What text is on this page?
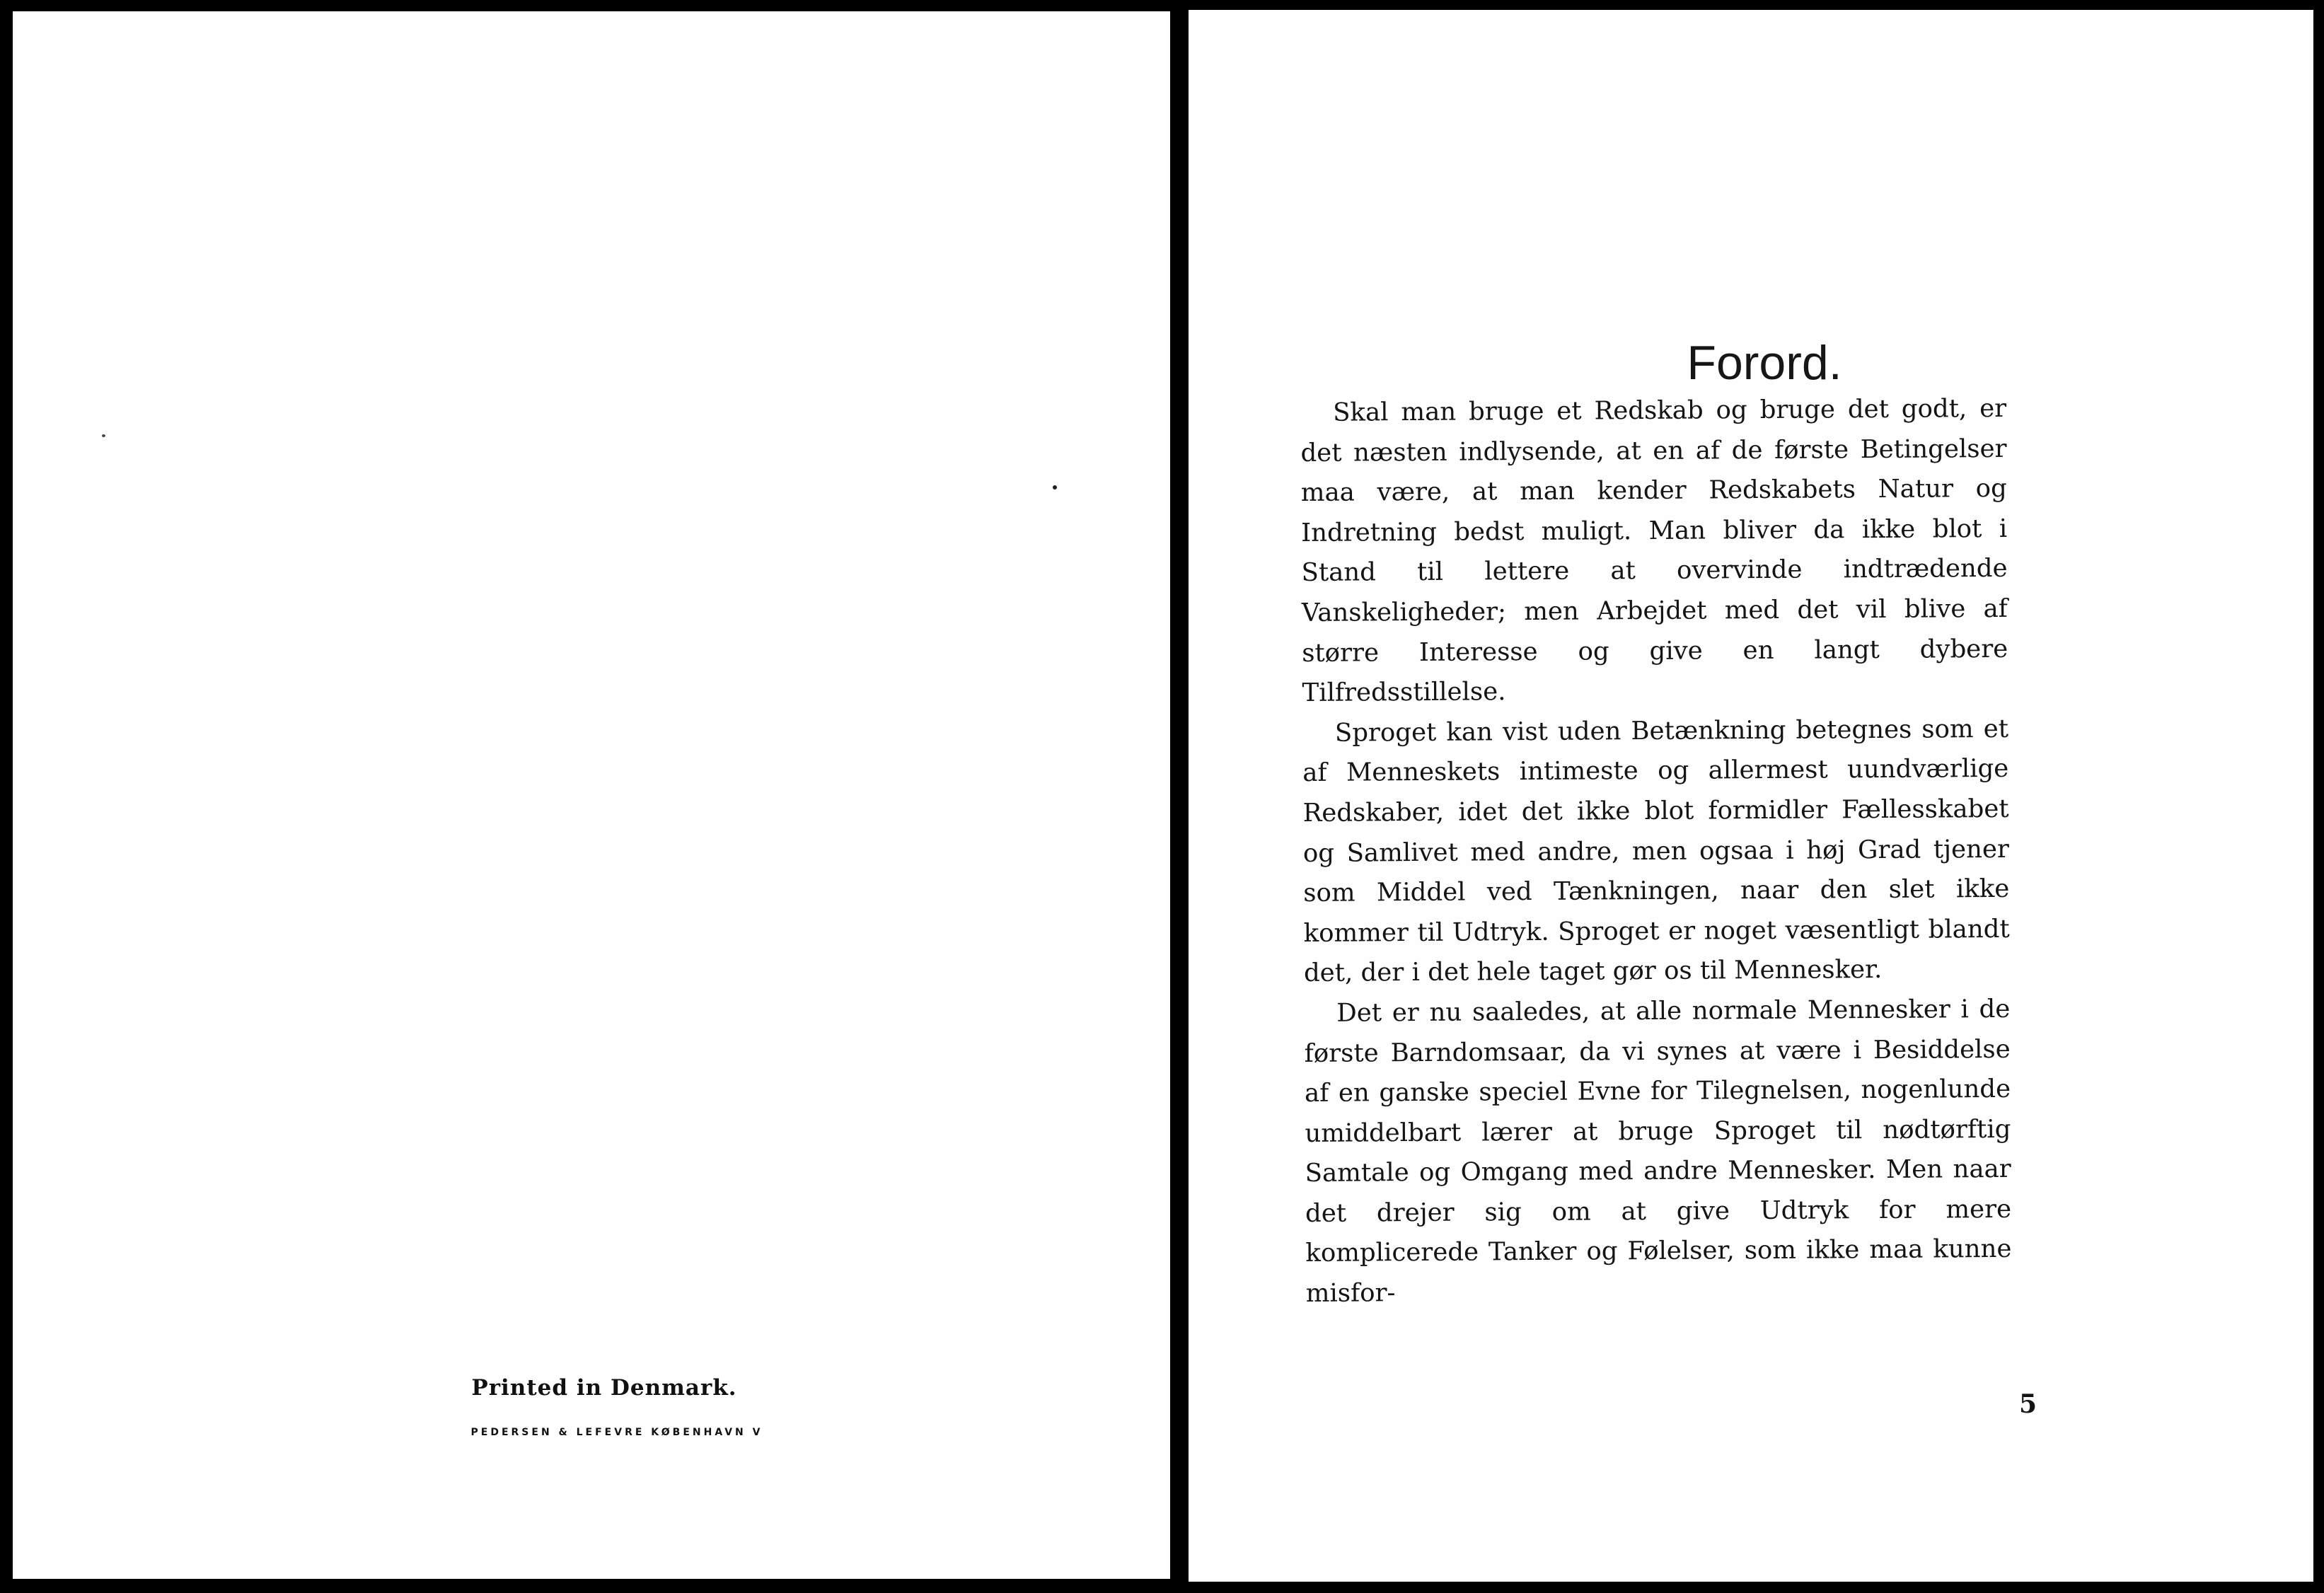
Printed in Denmark.
PEDERSEN & LEFEVRE KØBENHAVN V
Forord.

Skal man bruge et Redskab og bruge det godt, er det næsten indlysende, at en af de første Betingelser maa være, at man kender Redskabets Natur og Indretning bedst muligt. Man bliver da ikke blot i Stand til lettere at overvinde indtrædende Vanskeligheder; men Arbejdet med det vil blive af større Interesse og give en langt dybere Tilfredsstillelse.

Sproget kan vist uden Betænkning betegnes som et af Menneskets intimeste og allermest uundværlige Redskaber, idet det ikke blot formidler Fællesskabet og Samlivet med andre, men ogsaa i høj Grad tjener som Middel ved Tænkningen, naar den slet ikke kommer til Udtryk. Sproget er noget væsentligt blandt det, der i det hele taget gør os til Mennesker.

Det er nu saaledes, at alle normale Mennesker i de første Barndomsaar, da vi synes at være i Besiddelse af en ganske speciel Evne for Tilegnelsen, nogenlunde umiddelbart lærer at bruge Sproget til nødtørftig Samtale og Omgang med andre Mennesker. Men naar det drejer sig om at give Udtryk for mere komplicerede Tanker og Følelser, som ikke maa kunne misfor-

5
